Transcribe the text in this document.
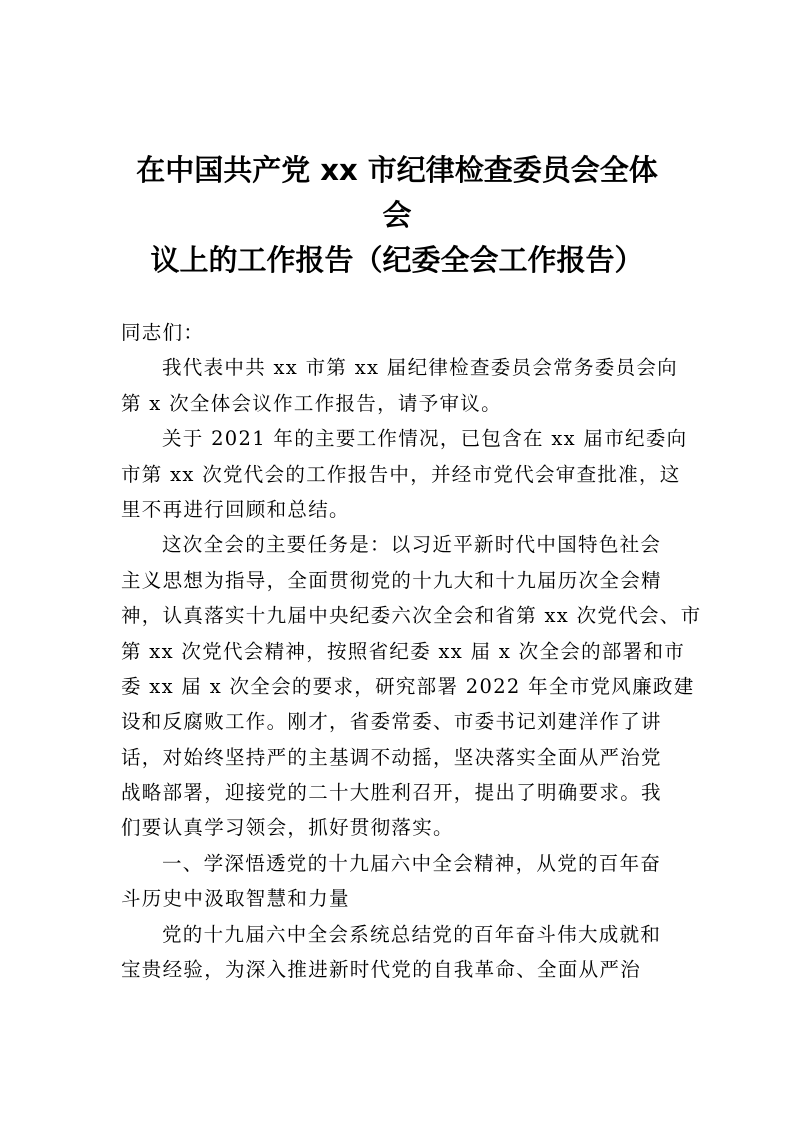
在中国共产党 xx 市纪律检查委员会全体
会
议上的工作报告（纪委全会工作报告）
同志们：
我代表中共 xx 市第 xx 届纪律检查委员会常务委员会向
第 x 次全体会议作工作报告，请予审议。
关于 2021 年的主要工作情况，已包含在 xx 届市纪委向
市第 xx 次党代会的工作报告中，并经市党代会审查批准，这
里不再进行回顾和总结。
这次全会的主要任务是：以习近平新时代中国特色社会
主义思想为指导，全面贯彻党的十九大和十九届历次全会精
神，认真落实十九届中央纪委六次全会和省第 xx 次党代会、市
第 xx 次党代会精神，按照省纪委 xx 届 x 次全会的部署和市
委 xx 届 x 次全会的要求，研究部署 2022 年全市党风廉政建
设和反腐败工作。刚才，省委常委、市委书记刘建洋作了讲
话，对始终坚持严的主基调不动摇，坚决落实全面从严治党
战略部署，迎接党的二十大胜利召开，提出了明确要求。我
们要认真学习领会，抓好贯彻落实。
一、学深悟透党的十九届六中全会精神，从党的百年奋
斗历史中汲取智慧和力量
党的十九届六中全会系统总结党的百年奋斗伟大成就和
宝贵经验，为深入推进新时代党的自我革命、全面从严治
